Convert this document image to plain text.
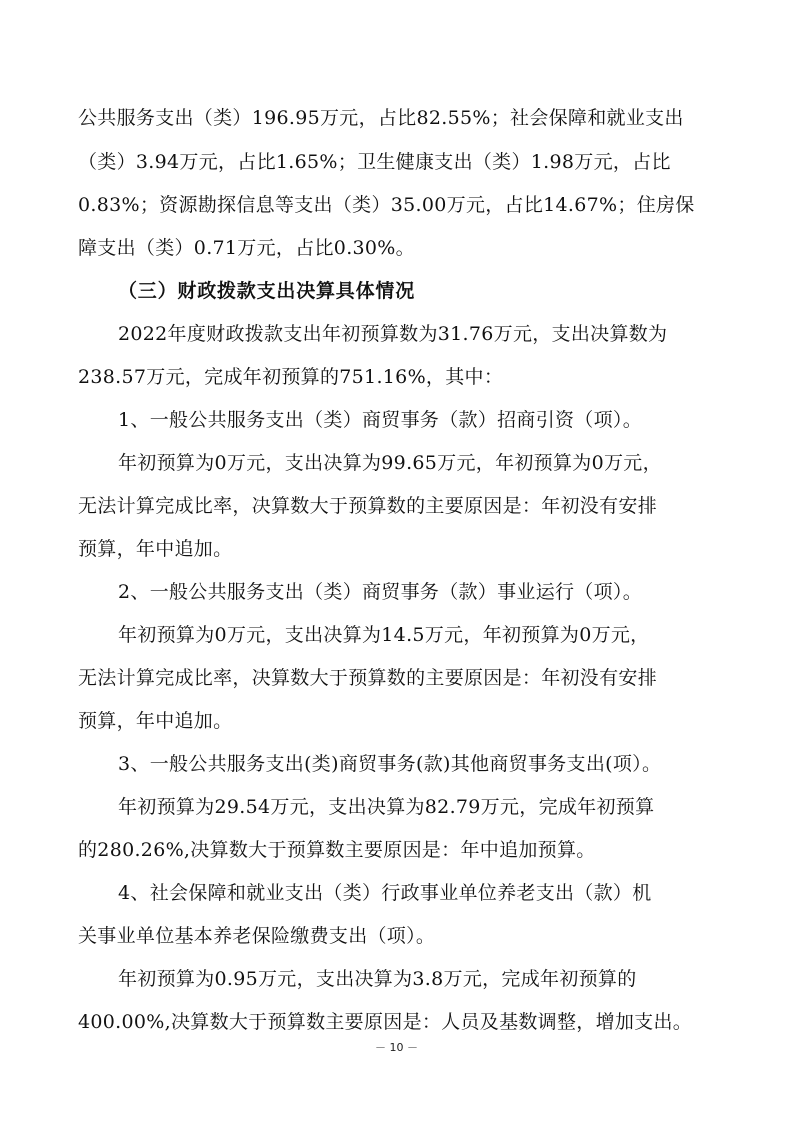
公共服务支出（类）196.95万元，占比82.55%；社会保障和就业支出
（类）3.94万元，占比1.65%；卫生健康支出（类）1.98万元，占比
0.83%；资源勘探信息等支出（类）35.00万元，占比14.67%；住房保
障支出（类）0.71万元，占比0.30%。
（三）财政拨款支出决算具体情况
2022年度财政拨款支出年初预算数为31.76万元，支出决算数为
238.57万元，完成年初预算的751.16%，其中：
1、一般公共服务支出（类）商贸事务（款）招商引资（项）。
年初预算为0万元，支出决算为99.65万元，年初预算为0万元，
无法计算完成比率，决算数大于预算数的主要原因是：年初没有安排
预算，年中追加。
2、一般公共服务支出（类）商贸事务（款）事业运行（项）。
年初预算为0万元，支出决算为14.5万元，年初预算为0万元，
无法计算完成比率，决算数大于预算数的主要原因是：年初没有安排
预算，年中追加。
3、一般公共服务支出(类)商贸事务(款)其他商贸事务支出(项）。
年初预算为29.54万元，支出决算为82.79万元，完成年初预算
的280.26%,决算数大于预算数主要原因是：年中追加预算。
4、社会保障和就业支出（类）行政事业单位养老支出（款）机
关事业单位基本养老保险缴费支出（项）。
年初预算为0.95万元，支出决算为3.8万元，完成年初预算的
400.00%,决算数大于预算数主要原因是：人员及基数调整，增加支出。
－ 10 －
